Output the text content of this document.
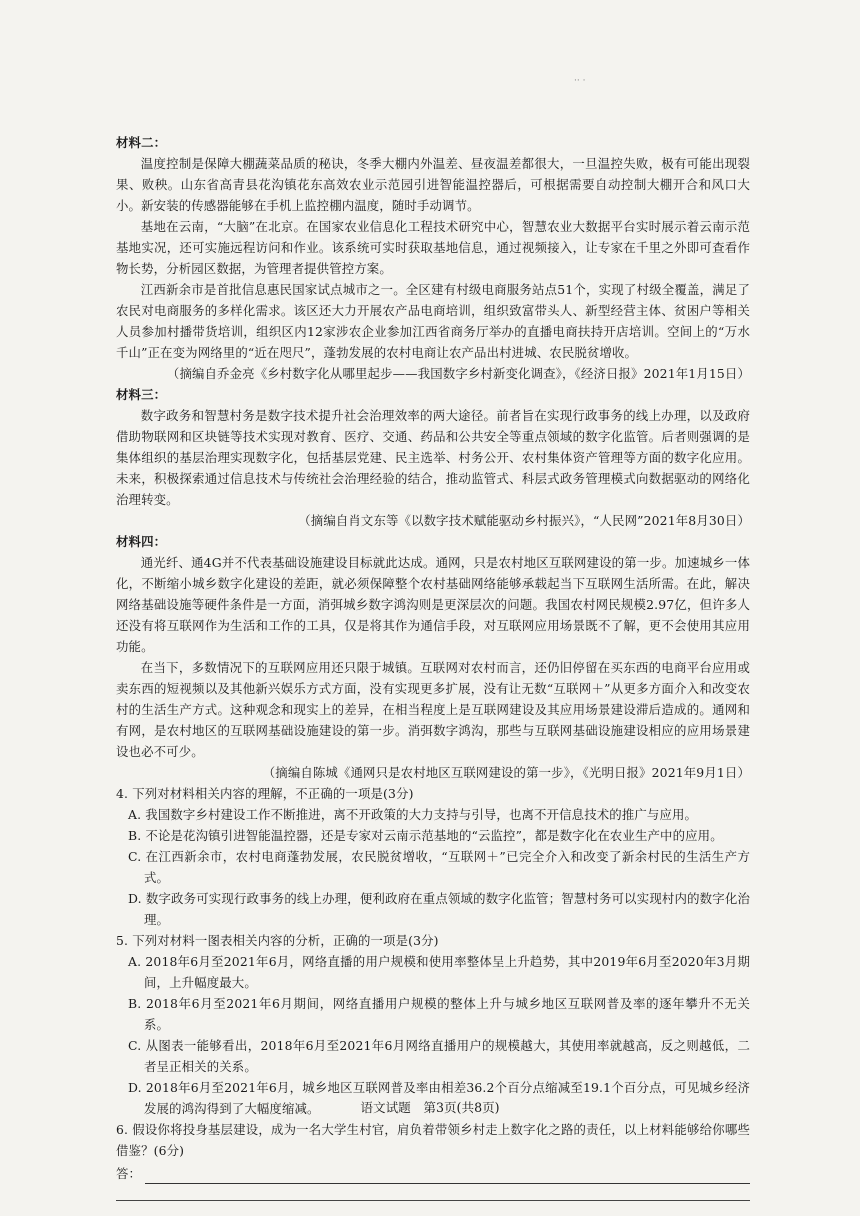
·· ·

材料二：

温度控制是保障大棚蔬菜品质的秘诀，冬季大棚内外温差、昼夜温差都很大，一旦温控失败，极有可能出现裂果、败秧。山东省高青县花沟镇花东高效农业示范园引进智能温控器后，可根据需要自动控制大棚开合和风口大小。新安装的传感器能够在手机上监控棚内温度，随时手动调节。

基地在云南，“大脑”在北京。在国家农业信息化工程技术研究中心，智慧农业大数据平台实时展示着云南示范基地实况，还可实施远程访问和作业。该系统可实时获取基地信息，通过视频接入，让专家在千里之外即可查看作物长势，分析园区数据，为管理者提供管控方案。

江西新余市是首批信息惠民国家试点城市之一。全区建有村级电商服务站点51个，实现了村级全覆盖，满足了农民对电商服务的多样化需求。该区还大力开展农产品电商培训，组织致富带头人、新型经营主体、贫困户等相关人员参加村播带货培训，组织区内12家涉农企业参加江西省商务厅举办的直播电商扶持开店培训。空间上的“万水千山”正在变为网络里的“近在咫尺”，蓬勃发展的农村电商让农产品出村进城、农民脱贫增收。

（摘编自乔金亮《乡村数字化从哪里起步——我国数字乡村新变化调查》，《经济日报》2021年1月15日）

材料三：

数字政务和智慧村务是数字技术提升社会治理效率的两大途径。前者旨在实现行政事务的线上办理，以及政府借助物联网和区块链等技术实现对教育、医疗、交通、药品和公共安全等重点领域的数字化监管。后者则强调的是集体组织的基层治理实现数字化，包括基层党建、民主选举、村务公开、农村集体资产管理等方面的数字化应用。未来，积极探索通过信息技术与传统社会治理经验的结合，推动监管式、科层式政务管理模式向数据驱动的网络化治理转变。

（摘编自肖文东等《以数字技术赋能驱动乡村振兴》，“人民网”2021年8月30日）

材料四：

通光纤、通4G并不代表基础设施建设目标就此达成。通网，只是农村地区互联网建设的第一步。加速城乡一体化，不断缩小城乡数字化建设的差距，就必须保障整个农村基础网络能够承载起当下互联网生活所需。在此，解决网络基础设施等硬件条件是一方面，消弭城乡数字鸿沟则是更深层次的问题。我国农村网民规模2.97亿，但许多人还没有将互联网作为生活和工作的工具，仅是将其作为通信手段，对互联网应用场景既不了解，更不会使用其应用功能。

在当下，多数情况下的互联网应用还只限于城镇。互联网对农村而言，还仍旧停留在买东西的电商平台应用或卖东西的短视频以及其他新兴娱乐方式方面，没有实现更多扩展，没有让无数“互联网＋”从更多方面介入和改变农村的生活生产方式。这种观念和现实上的差异，在相当程度上是互联网建设及其应用场景建设滞后造成的。通网和有网，是农村地区的互联网基础设施建设的第一步。消弭数字鸿沟，那些与互联网基础设施建设相应的应用场景建设也必不可少。

（摘编自陈城《通网只是农村地区互联网建设的第一步》，《光明日报》2021年9月1日）

4. 下列对材料相关内容的理解，不正确的一项是(3分)

A. 我国数字乡村建设工作不断推进，离不开政策的大力支持与引导，也离不开信息技术的推广与应用。

B. 不论是花沟镇引进智能温控器，还是专家对云南示范基地的“云监控”，都是数字化在农业生产中的应用。

C. 在江西新余市，农村电商蓬勃发展，农民脱贫增收，“互联网＋”已完全介入和改变了新余村民的生活生产方式。

D. 数字政务可实现行政事务的线上办理，便利政府在重点领域的数字化监管；智慧村务可以实现村内的数字化治理。

5. 下列对材料一图表相关内容的分析，正确的一项是(3分)

A. 2018年6月至2021年6月，网络直播的用户规模和使用率整体呈上升趋势，其中2019年6月至2020年3月期间，上升幅度最大。

B. 2018年6月至2021年6月期间，网络直播用户规模的整体上升与城乡地区互联网普及率的逐年攀升不无关系。

C. 从图表一能够看出，2018年6月至2021年6月网络直播用户的规模越大，其使用率就越高，反之则越低，二者呈正相关的关系。

D. 2018年6月至2021年6月，城乡地区互联网普及率由相差36.2个百分点缩减至19.1个百分点，可见城乡经济发展的鸿沟得到了大幅度缩减。

6. 假设你将投身基层建设，成为一名大学生村官，肩负着带领乡村走上数字化之路的责任，以上材料能够给你哪些借鉴？(6分)

答：
语文试题　第3页(共8页)
